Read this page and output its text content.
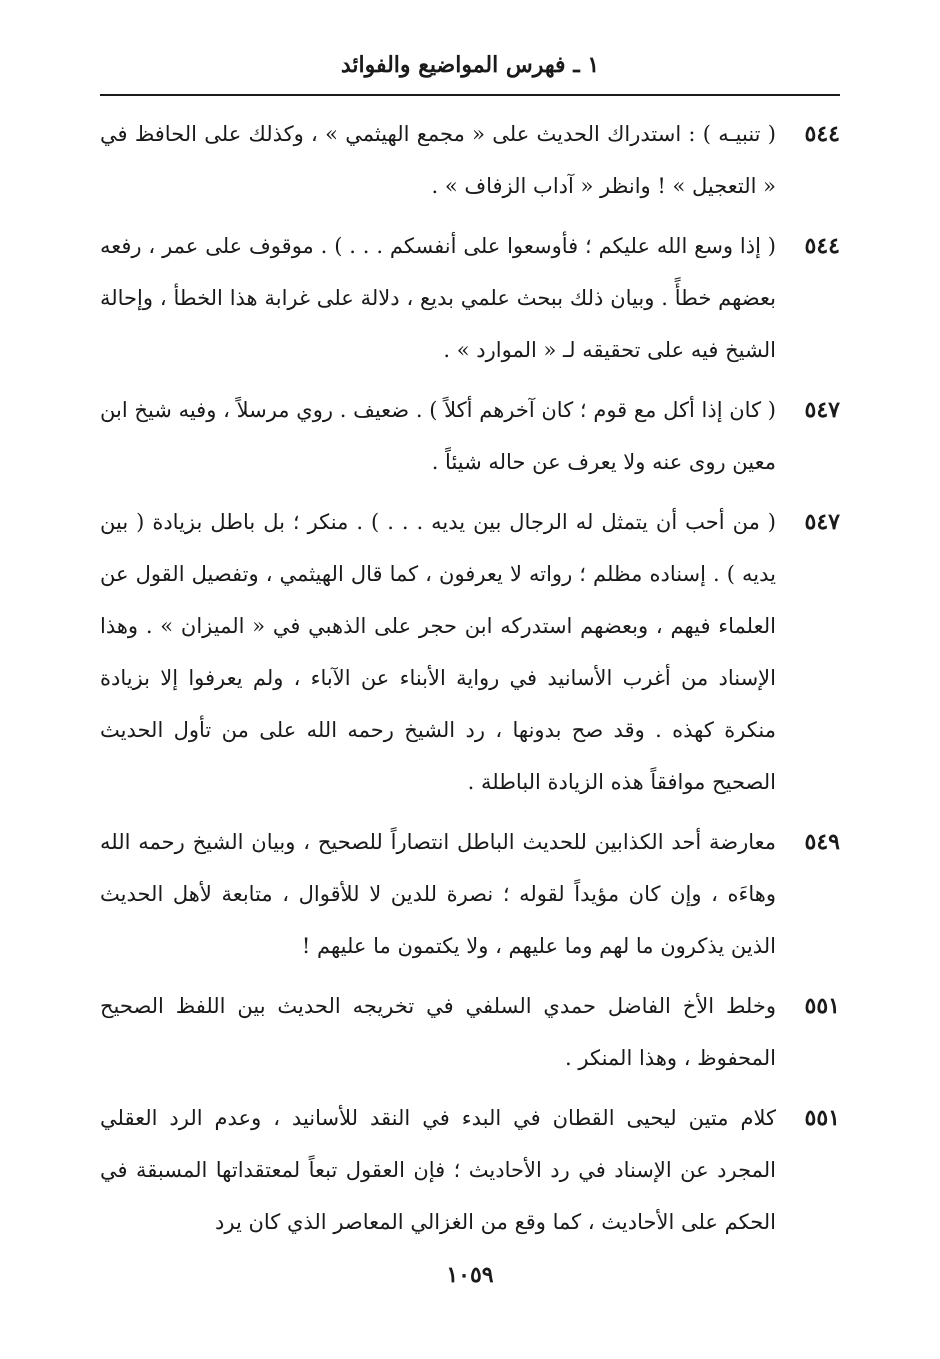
١ ـ فهرس المواضيع والفوائد
٥٤٤
( تنبيـه ) : استدراك الحديث على « مجمع الهيثمي » ، وكذلك على الحافظ في « التعجيل » ! وانظر « آداب الزفاف » .
٥٤٤
( إذا وسع الله عليكم ؛ فأوسعوا على أنفسكم . . . ) . موقوف على عمر ، رفعه بعضهم خطأً . وبيان ذلك ببحث علمي بديع ، دلالة على غرابة هذا الخطأ ، وإحالة الشيخ فيه على تحقيقه لـ « الموارد » .
٥٤٧
( كان إذا أكل مع قوم ؛ كان آخرهم أكلاً ) . ضعيف . روي مرسلاً ، وفيه شيخ ابن معين روى عنه ولا يعرف عن حاله شيئاً .
٥٤٧
( من أحب أن يتمثل له الرجال بين يديه . . . ) . منكر ؛ بل باطل بزيادة ( بين يديه ) . إسناده مظلم ؛ رواته لا يعرفون ، كما قال الهيثمي ، وتفصيل القول عن العلماء فيهم ، وبعضهم استدركه ابن حجر على الذهبي في « الميزان » . وهذا الإسناد من أغرب الأسانيد في رواية الأبناء عن الآباء ، ولم يعرفوا إلا بزيادة منكرة كهذه . وقد صح بدونها ، رد الشيخ رحمه الله على من تأول الحديث الصحيح موافقاً هذه الزيادة الباطلة .
٥٤٩
معارضة أحد الكذابين للحديث الباطل انتصاراً للصحيح ، وبيان الشيخ رحمه الله وهاءَه ، وإن كان مؤيداً لقوله ؛ نصرة للدين لا للأقوال ، متابعة لأهل الحديث الذين يذكرون ما لهم وما عليهم ، ولا يكتمون ما عليهم !
٥٥١
وخلط الأخ الفاضل حمدي السلفي في تخريجه الحديث بين اللفظ الصحيح المحفوظ ، وهذا المنكر .
٥٥١
كلام متين ليحيى القطان في البدء في النقد للأسانيد ، وعدم الرد العقلي المجرد عن الإسناد في رد الأحاديث ؛ فإن العقول تبعاً لمعتقداتها المسبقة في الحكم على الأحاديث ، كما وقع من الغزالي المعاصر الذي كان يرد
١٠٥٩
